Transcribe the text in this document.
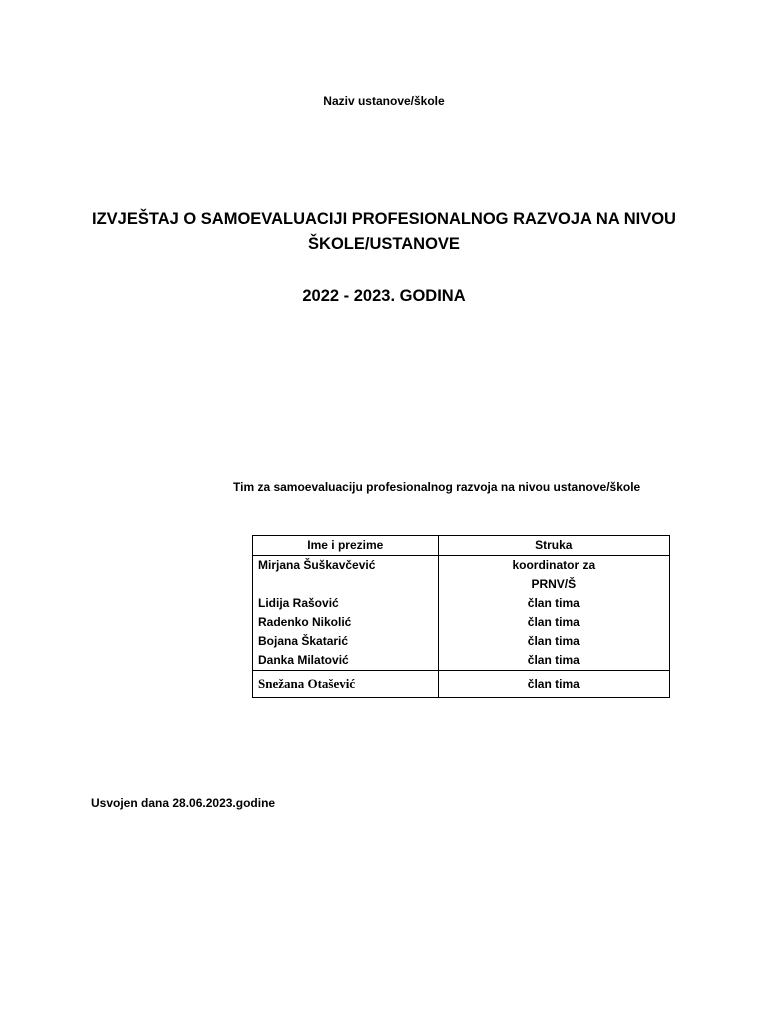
Naziv ustanove/škole
IZVJEŠTAJ O SAMOEVALUACIJI PROFESIONALNOG RAZVOJA NA NIVOU
ŠKOLE/USTANOVE
2022 - 2023. GODINA
Tim za samoevaluaciju profesionalnog razvoja na nivou ustanove/škole
Ime i prezime	Struka
Mirjana Šuškavčević	koordinator za
PRNV/Š
Lidija Rašović	član tima
Radenko Nikolić	član tima
Bojana Škatarić	član tima
Danka Milatović	član tima
Snežana Otašević	član tima
Usvojen dana 28.06.2023.godine
